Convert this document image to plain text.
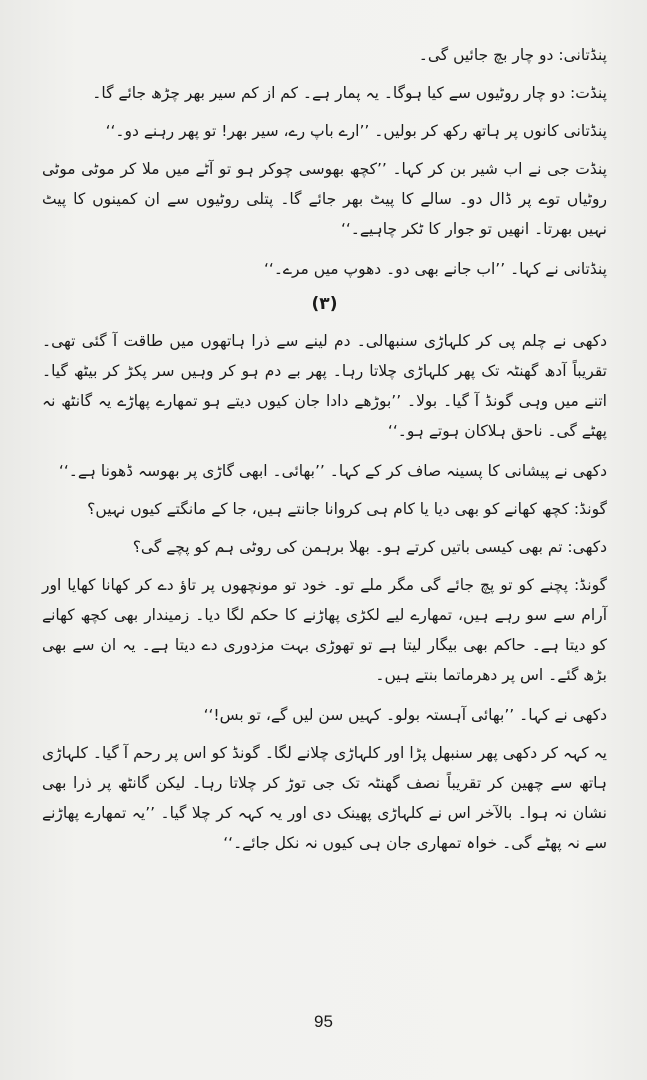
پنڈتانی: دو چار بچ جائیں گی۔

پنڈت: دو چار روٹیوں سے کیا ہوگا۔ یہ پمار ہے۔ کم از کم سیر بھر چڑھ جائے گا۔

پنڈتانی کانوں پر ہاتھ رکھ کر بولیں۔ ’’ارے باپ رے، سیر بھر! تو پھر رہنے دو۔‘‘

پنڈت جی نے اب شیر بن کر کہا۔ ’’کچھ بھوسی چوکر ہو تو آٹے میں ملا کر موٹی موٹی روٹیاں توے پر ڈال دو۔ سالے کا پیٹ بھر جائے گا۔ پتلی روٹیوں سے ان کمینوں کا پیٹ نہیں بھرتا۔ انھیں تو جوار کا ٹکر چاہیے۔‘‘

پنڈتانی نے کہا۔ ’’اب جانے بھی دو۔ دھوپ میں مرے۔‘‘

(۳)

دکھی نے چلم پی کر کلہاڑی سنبھالی۔ دم لینے سے ذرا ہاتھوں میں طاقت آ گئی تھی۔ تقریباً آدھ گھنٹہ تک پھر کلہاڑی چلاتا رہا۔ پھر بے دم ہو کر وہیں سر پکڑ کر بیٹھ گیا۔ اتنے میں وہی گونڈ آ گیا۔ بولا۔ ’’بوڑھے دادا جان کیوں دیتے ہو تمھارے پھاڑے یہ گانٹھ نہ پھٹے گی۔ ناحق ہلاکان ہوتے ہو۔‘‘

دکھی نے پیشانی کا پسینہ صاف کر کے کہا۔ ’’بھائی۔ ابھی گاڑی پر بھوسہ ڈھونا ہے۔‘‘

گونڈ: کچھ کھانے کو بھی دیا یا کام ہی کروانا جانتے ہیں، جا کے مانگتے کیوں نہیں؟

دکھی: تم بھی کیسی باتیں کرتے ہو۔ بھلا برہمن کی روٹی ہم کو پچے گی؟

گونڈ: پچنے کو تو پچ جائے گی مگر ملے تو۔ خود تو مونچھوں پر تاؤ دے کر کھانا کھایا اور آرام سے سو رہے ہیں، تمھارے لیے لکڑی پھاڑنے کا حکم لگا دیا۔ زمیندار بھی کچھ کھانے کو دیتا ہے۔ حاکم بھی بیگار لیتا ہے تو تھوڑی بہت مزدوری دے دیتا ہے۔ یہ ان سے بھی بڑھ گئے۔ اس پر دھرماتما بنتے ہیں۔

دکھی نے کہا۔ ’’بھائی آہستہ بولو۔ کہیں سن لیں گے، تو بس!‘‘

یہ کہہ کر دکھی پھر سنبھل پڑا اور کلہاڑی چلانے لگا۔ گونڈ کو اس پر رحم آ گیا۔ کلہاڑی ہاتھ سے چھین کر تقریباً نصف گھنٹہ تک جی توڑ کر چلاتا رہا۔ لیکن گانٹھ پر ذرا بھی نشان نہ ہوا۔ بالآخر اس نے کلہاڑی پھینک دی اور یہ کہہ کر چلا گیا۔ ’’یہ تمھارے پھاڑنے سے نہ پھٹے گی۔ خواہ تمھاری جان ہی کیوں نہ نکل جائے۔‘‘

95
